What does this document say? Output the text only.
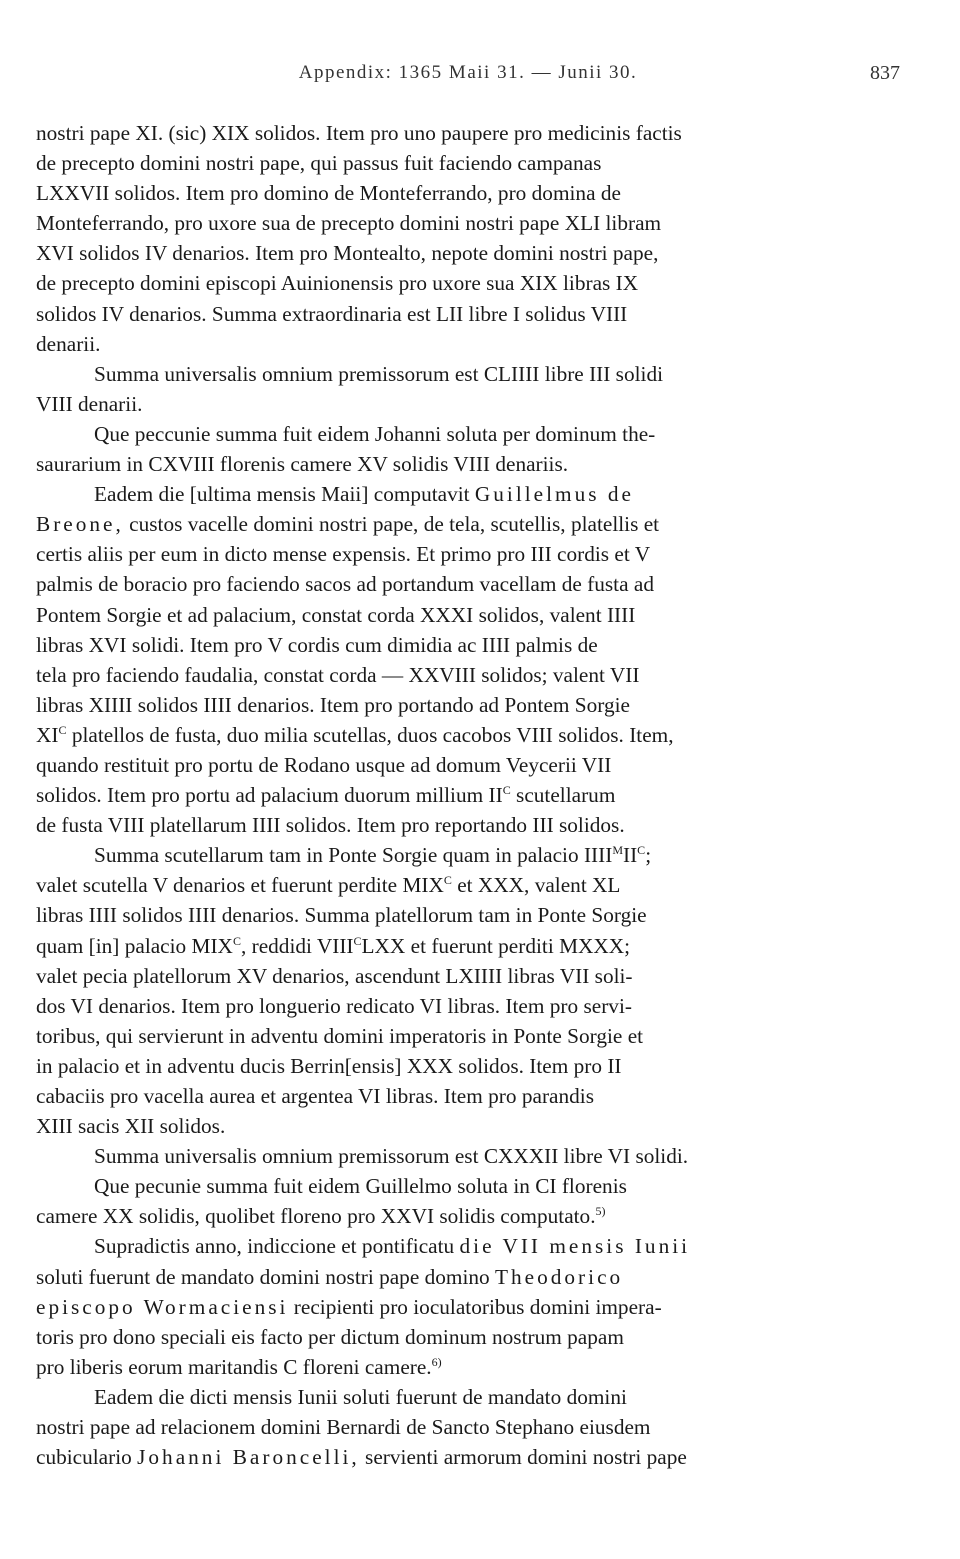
Appendix: 1365 Maii 31. — Junii 30.	837
nostri pape XI. (sic) XIX solidos. Item pro uno paupere pro medicinis factis
de precepto domini nostri pape, qui passus fuit faciendo campanas
LXXVII solidos. Item pro domino de Monteferrando, pro domina de
Monteferrando, pro uxore sua de precepto domini nostri pape XLI libram
XVI solidos IV denarios. Item pro Montealto, nepote domini nostri pape,
de precepto domini episcopi Auinionensis pro uxore sua XIX libras IX
solidos IV denarios. Summa extraordinaria est LII libre I solidus VIII
denarii.
Summa universalis omnium premissorum est CLIIII libre III solidi
VIII denarii.
Que peccunie summa fuit eidem Johanni soluta per dominum the-
saurarium in CXVIII florenis camere XV solidis VIII denariis.
Eadem die [ultima mensis Maii] computavit Guillelmus de
Breone, custos vacelle domini nostri pape, de tela, scutellis, platellis et
certis aliis per eum in dicto mense expensis. Et primo pro III cordis et V
palmis de boracio pro faciendo sacos ad portandum vacellam de fusta ad
Pontem Sorgie et ad palacium, constat corda XXXI solidos, valent IIII
libras XVI solidi. Item pro V cordis cum dimidia ac IIII palmis de
tela pro faciendo faudalia, constat corda — XXVIII solidos; valent VII
libras XIIII solidos IIII denarios. Item pro portando ad Pontem Sorgie
$XI^C$ platellos de fusta, duo milia scutellas, duos cacobos VIII solidos. Item,
quando restituit pro portu de Rodano usque ad domum Veycerii VII
solidos. Item pro portu ad palacium duorum millium $II^C$ scutellarum
de fusta VIII platellarum IIII solidos. Item pro reportando III solidos.
Summa scutellarum tam in Ponte Sorgie quam in palacio $IIII^MII^C$;
valet scutella V denarios et fuerunt perdite $MIX^C$ et XXX, valent XL
libras IIII solidos IIII denarios. Summa platellorum tam in Ponte Sorgie
quam [in] palacio $MIX^C$, reddidi $VIII^CLXX$ et fuerunt perditi MXXX;
valet pecia platellorum XV denarios, ascendunt LXIIII libras VII soli-
dos VI denarios. Item pro longuerio redicato VI libras. Item pro servi-
toribus, qui servierunt in adventu domini imperatoris in Ponte Sorgie et
in palacio et in adventu ducis Berrin[ensis] XXX solidos. Item pro II
cabaciis pro vacella aurea et argentea VI libras. Item pro parandis
XIII sacis XII solidos.
Summa universalis omnium premissorum est CXXXII libre VI solidi.
Que pecunie summa fuit eidem Guillelmo soluta in CI florenis
camere XX solidis, quolibet floreno pro XXVI solidis computato.$^{5)}$
Supradictis anno, indiccione et pontificatu die VII mensis Iunii
soluti fuerunt de mandato domini nostri pape domino Theodorico
episcopo Wormaciensi recipienti pro ioculatoribus domini impera-
toris pro dono speciali eis facto per dictum dominum nostrum papam
pro liberis eorum maritandis C floreni camere.$^{6)}$
Eadem die dicti mensis Iunii soluti fuerunt de mandato domini
nostri pape ad relacionem domini Bernardi de Sancto Stephano eiusdem
cubiculario Johanni Baroncelli, servienti armorum domini nostri pape
